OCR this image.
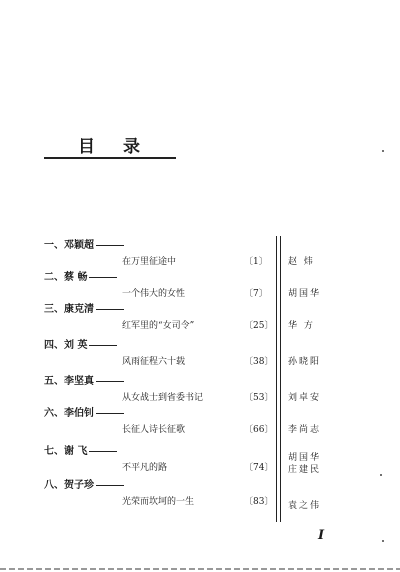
目录
一、邓颖超
在万里征途中	〔1〕	赵 炜
二、蔡 畅
一个伟大的女性	〔7〕	胡国华
三、康克清
红军里的“女司令”	〔25〕 华 方
四、刘 英
风雨征程六十载	〔38〕 孙晓阳
五、李坚真
从女战士到省委书记	〔53〕 刘卓安
六、李伯钊
长征人诗长征歌	〔66〕 李尚志
七、谢 飞
不平凡的路	〔74〕
胡国华
庄建民
八、贺子珍
光荣而坎坷的一生	〔83〕 袁之伟
I
